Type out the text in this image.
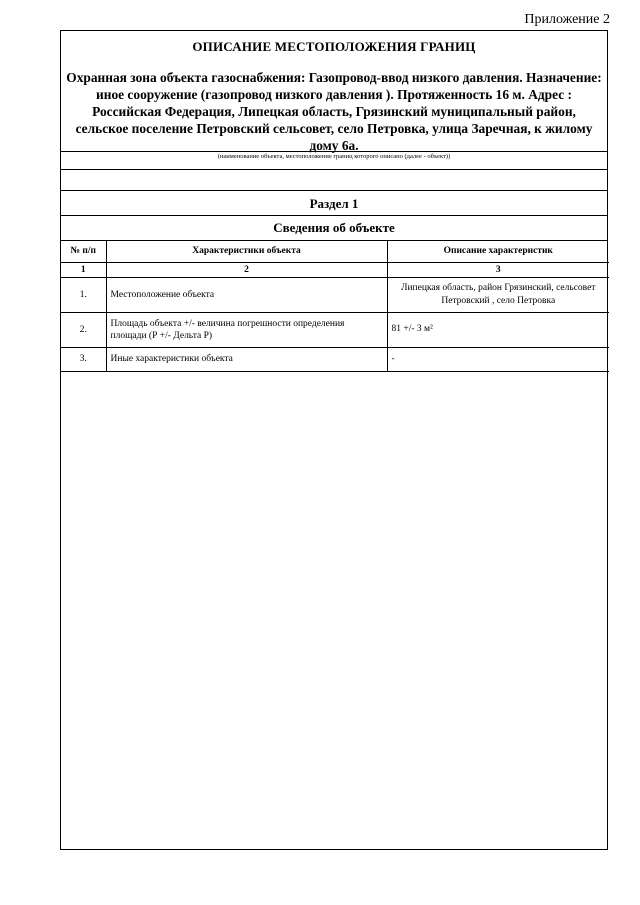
Приложение 2
ОПИСАНИЕ МЕСТОПОЛОЖЕНИЯ ГРАНИЦ
Охранная зона объекта газоснабжения: Газопровод-ввод низкого давления. Назначение: иное сооружение (газопровод низкого давления ). Протяженность 16 м. Адрес : Российская Федерация, Липецкая область, Грязинский муниципальный район, сельское поселение Петровский сельсовет, село Петровка, улица Заречная, к жилому дому 6а.
(наименование объекта, местоположение границ которого описано (далее - объект))
Раздел 1
Сведения об объекте
№ п/п	Характеристики объекта	Описание характеристик
1	2	3
1.	Местоположение объекта	Липецкая область, район Грязинский, сельсовет Петровский , село Петровка
2.	Площадь объекта +/- величина погрешности определения площади (Р +/- Дельта Р)	81 +/- 3 м²
3.	Иные характеристики объекта	-
